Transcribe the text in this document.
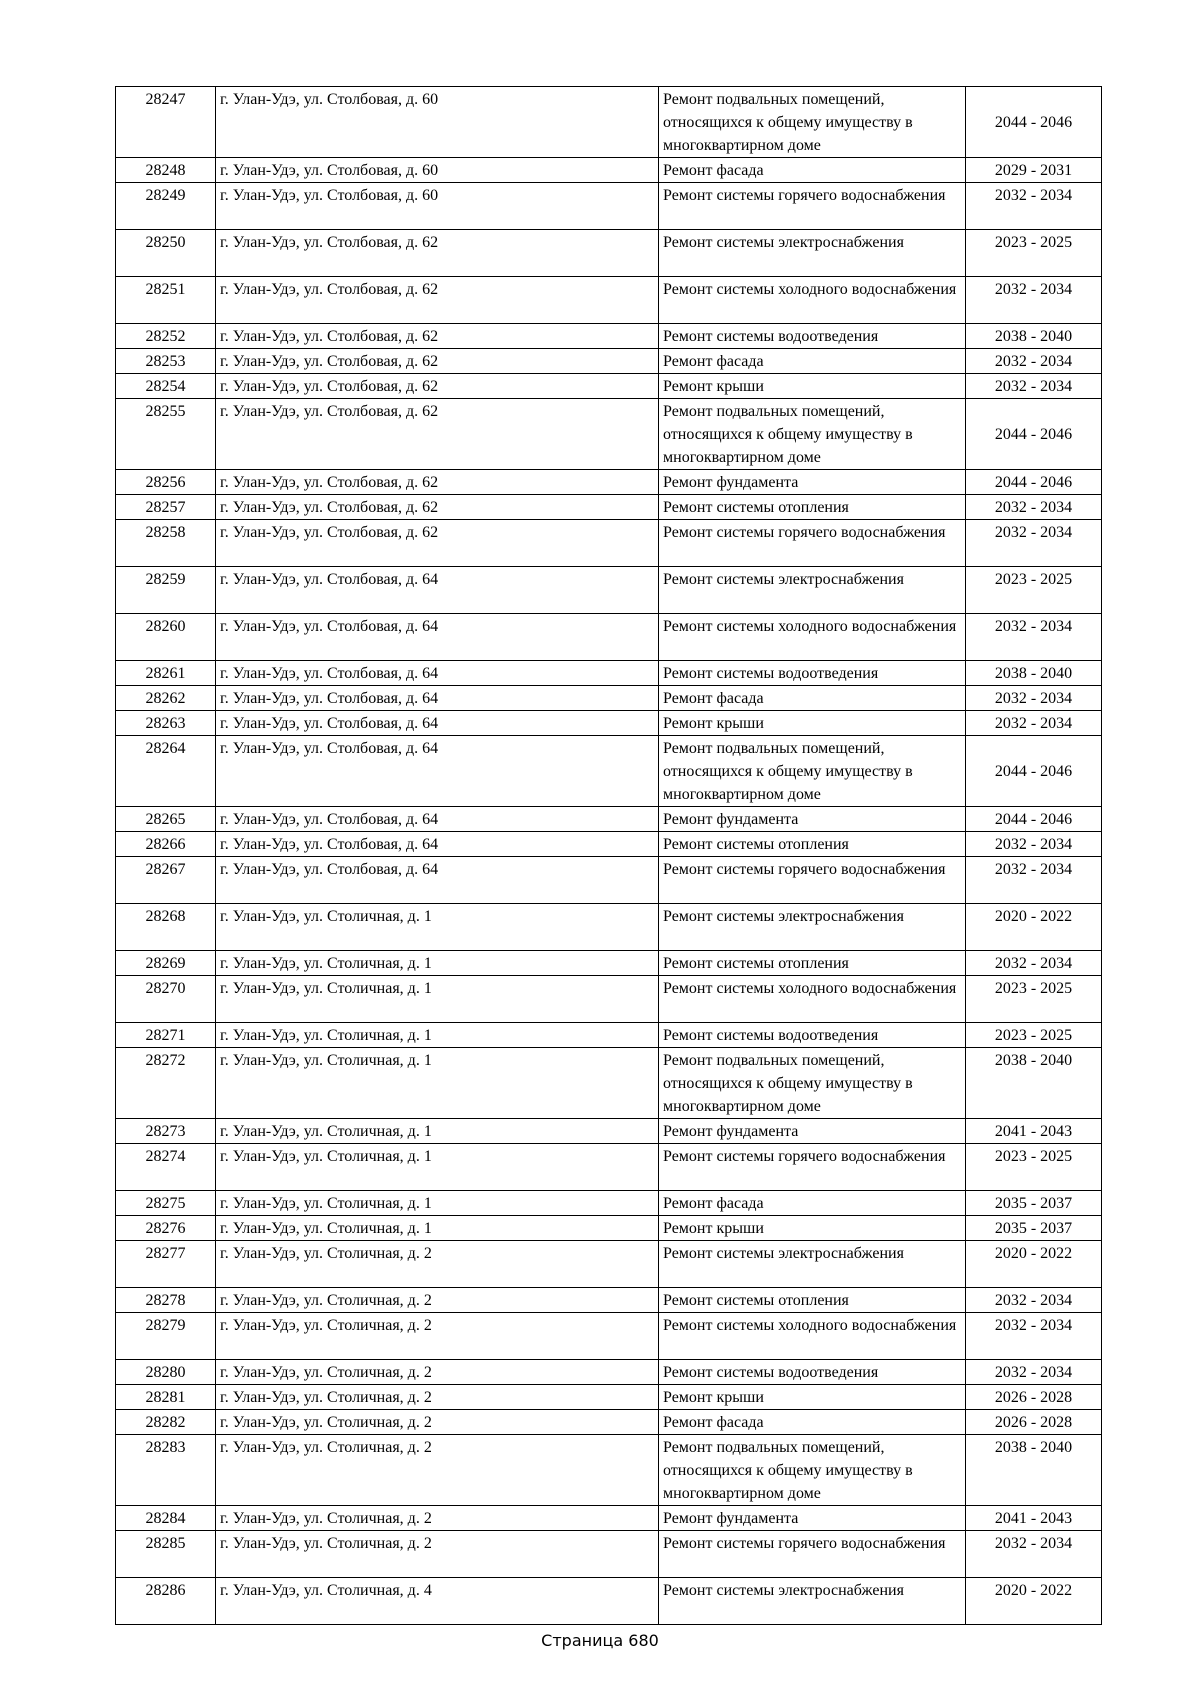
28247	г. Улан-Удэ, ул. Столбовая, д. 60	Ремонт подвальных помещений, относящихся к общему имуществу в многоквартирном доме	2044 - 2046
28248	г. Улан-Удэ, ул. Столбовая, д. 60	Ремонт фасада	2029 - 2031
28249	г. Улан-Удэ, ул. Столбовая, д. 60	Ремонт системы горячего водоснабжения	2032 - 2034
28250	г. Улан-Удэ, ул. Столбовая, д. 62	Ремонт системы электроснабжения	2023 - 2025
28251	г. Улан-Удэ, ул. Столбовая, д. 62	Ремонт системы холодного водоснабжения	2032 - 2034
28252	г. Улан-Удэ, ул. Столбовая, д. 62	Ремонт системы водоотведения	2038 - 2040
28253	г. Улан-Удэ, ул. Столбовая, д. 62	Ремонт фасада	2032 - 2034
28254	г. Улан-Удэ, ул. Столбовая, д. 62	Ремонт крыши	2032 - 2034
28255	г. Улан-Удэ, ул. Столбовая, д. 62	Ремонт подвальных помещений, относящихся к общему имуществу в многоквартирном доме	2044 - 2046
28256	г. Улан-Удэ, ул. Столбовая, д. 62	Ремонт фундамента	2044 - 2046
28257	г. Улан-Удэ, ул. Столбовая, д. 62	Ремонт системы отопления	2032 - 2034
28258	г. Улан-Удэ, ул. Столбовая, д. 62	Ремонт системы горячего водоснабжения	2032 - 2034
28259	г. Улан-Удэ, ул. Столбовая, д. 64	Ремонт системы электроснабжения	2023 - 2025
28260	г. Улан-Удэ, ул. Столбовая, д. 64	Ремонт системы холодного водоснабжения	2032 - 2034
28261	г. Улан-Удэ, ул. Столбовая, д. 64	Ремонт системы водоотведения	2038 - 2040
28262	г. Улан-Удэ, ул. Столбовая, д. 64	Ремонт фасада	2032 - 2034
28263	г. Улан-Удэ, ул. Столбовая, д. 64	Ремонт крыши	2032 - 2034
28264	г. Улан-Удэ, ул. Столбовая, д. 64	Ремонт подвальных помещений, относящихся к общему имуществу в многоквартирном доме	2044 - 2046
28265	г. Улан-Удэ, ул. Столбовая, д. 64	Ремонт фундамента	2044 - 2046
28266	г. Улан-Удэ, ул. Столбовая, д. 64	Ремонт системы отопления	2032 - 2034
28267	г. Улан-Удэ, ул. Столбовая, д. 64	Ремонт системы горячего водоснабжения	2032 - 2034
28268	г. Улан-Удэ, ул. Столичная, д. 1	Ремонт системы электроснабжения	2020 - 2022
28269	г. Улан-Удэ, ул. Столичная, д. 1	Ремонт системы отопления	2032 - 2034
28270	г. Улан-Удэ, ул. Столичная, д. 1	Ремонт системы холодного водоснабжения	2023 - 2025
28271	г. Улан-Удэ, ул. Столичная, д. 1	Ремонт системы водоотведения	2023 - 2025
28272	г. Улан-Удэ, ул. Столичная, д. 1	Ремонт подвальных помещений, относящихся к общему имуществу в многоквартирном доме	2038 - 2040
28273	г. Улан-Удэ, ул. Столичная, д. 1	Ремонт фундамента	2041 - 2043
28274	г. Улан-Удэ, ул. Столичная, д. 1	Ремонт системы горячего водоснабжения	2023 - 2025
28275	г. Улан-Удэ, ул. Столичная, д. 1	Ремонт фасада	2035 - 2037
28276	г. Улан-Удэ, ул. Столичная, д. 1	Ремонт крыши	2035 - 2037
28277	г. Улан-Удэ, ул. Столичная, д. 2	Ремонт системы электроснабжения	2020 - 2022
28278	г. Улан-Удэ, ул. Столичная, д. 2	Ремонт системы отопления	2032 - 2034
28279	г. Улан-Удэ, ул. Столичная, д. 2	Ремонт системы холодного водоснабжения	2032 - 2034
28280	г. Улан-Удэ, ул. Столичная, д. 2	Ремонт системы водоотведения	2032 - 2034
28281	г. Улан-Удэ, ул. Столичная, д. 2	Ремонт крыши	2026 - 2028
28282	г. Улан-Удэ, ул. Столичная, д. 2	Ремонт фасада	2026 - 2028
28283	г. Улан-Удэ, ул. Столичная, д. 2	Ремонт подвальных помещений, относящихся к общему имуществу в многоквартирном доме	2038 - 2040
28284	г. Улан-Удэ, ул. Столичная, д. 2	Ремонт фундамента	2041 - 2043
28285	г. Улан-Удэ, ул. Столичная, д. 2	Ремонт системы горячего водоснабжения	2032 - 2034
28286	г. Улан-Удэ, ул. Столичная, д. 4	Ремонт системы электроснабжения	2020 - 2022
Страница 680
